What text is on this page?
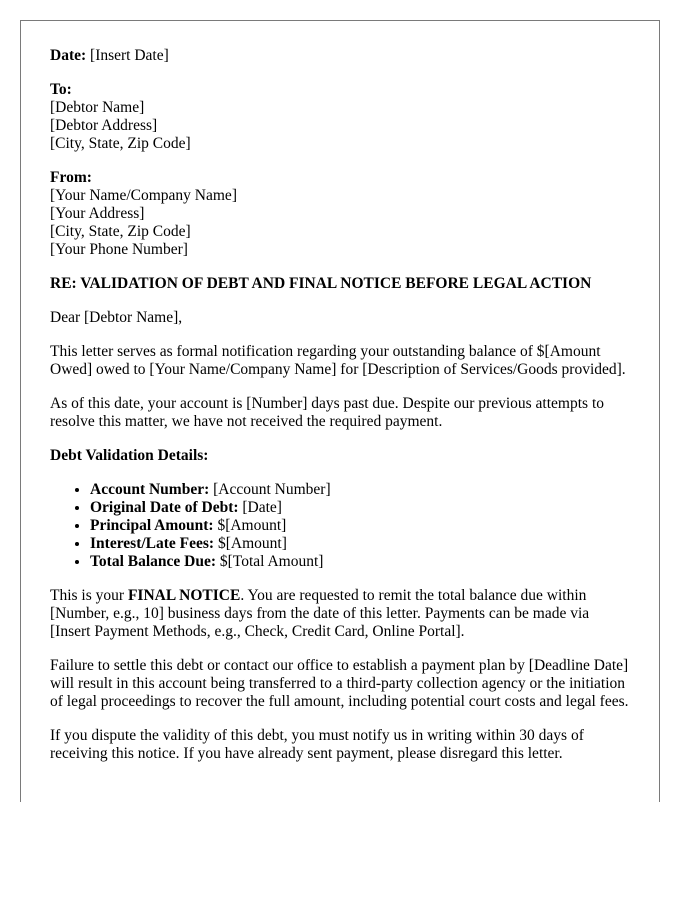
Date: [Insert Date]

To:
[Debtor Name]
[Debtor Address]
[City, State, Zip Code]

From:
[Your Name/Company Name]
[Your Address]
[City, State, Zip Code]
[Your Phone Number]

RE: VALIDATION OF DEBT AND FINAL NOTICE BEFORE LEGAL ACTION

Dear [Debtor Name],

This letter serves as formal notification regarding your outstanding balance of $[Amount Owed] owed to [Your Name/Company Name] for [Description of Services/Goods provided].

As of this date, your account is [Number] days past due. Despite our previous attempts to resolve this matter, we have not received the required payment.

Debt Validation Details:

• Account Number: [Account Number]
• Original Date of Debt: [Date]
• Principal Amount: $[Amount]
• Interest/Late Fees: $[Amount]
• Total Balance Due: $[Total Amount]

This is your FINAL NOTICE. You are requested to remit the total balance due within [Number, e.g., 10] business days from the date of this letter. Payments can be made via [Insert Payment Methods, e.g., Check, Credit Card, Online Portal].

Failure to settle this debt or contact our office to establish a payment plan by [Deadline Date] will result in this account being transferred to a third-party collection agency or the initiation of legal proceedings to recover the full amount, including potential court costs and legal fees.

If you dispute the validity of this debt, you must notify us in writing within 30 days of receiving this notice. If you have already sent payment, please disregard this letter.
